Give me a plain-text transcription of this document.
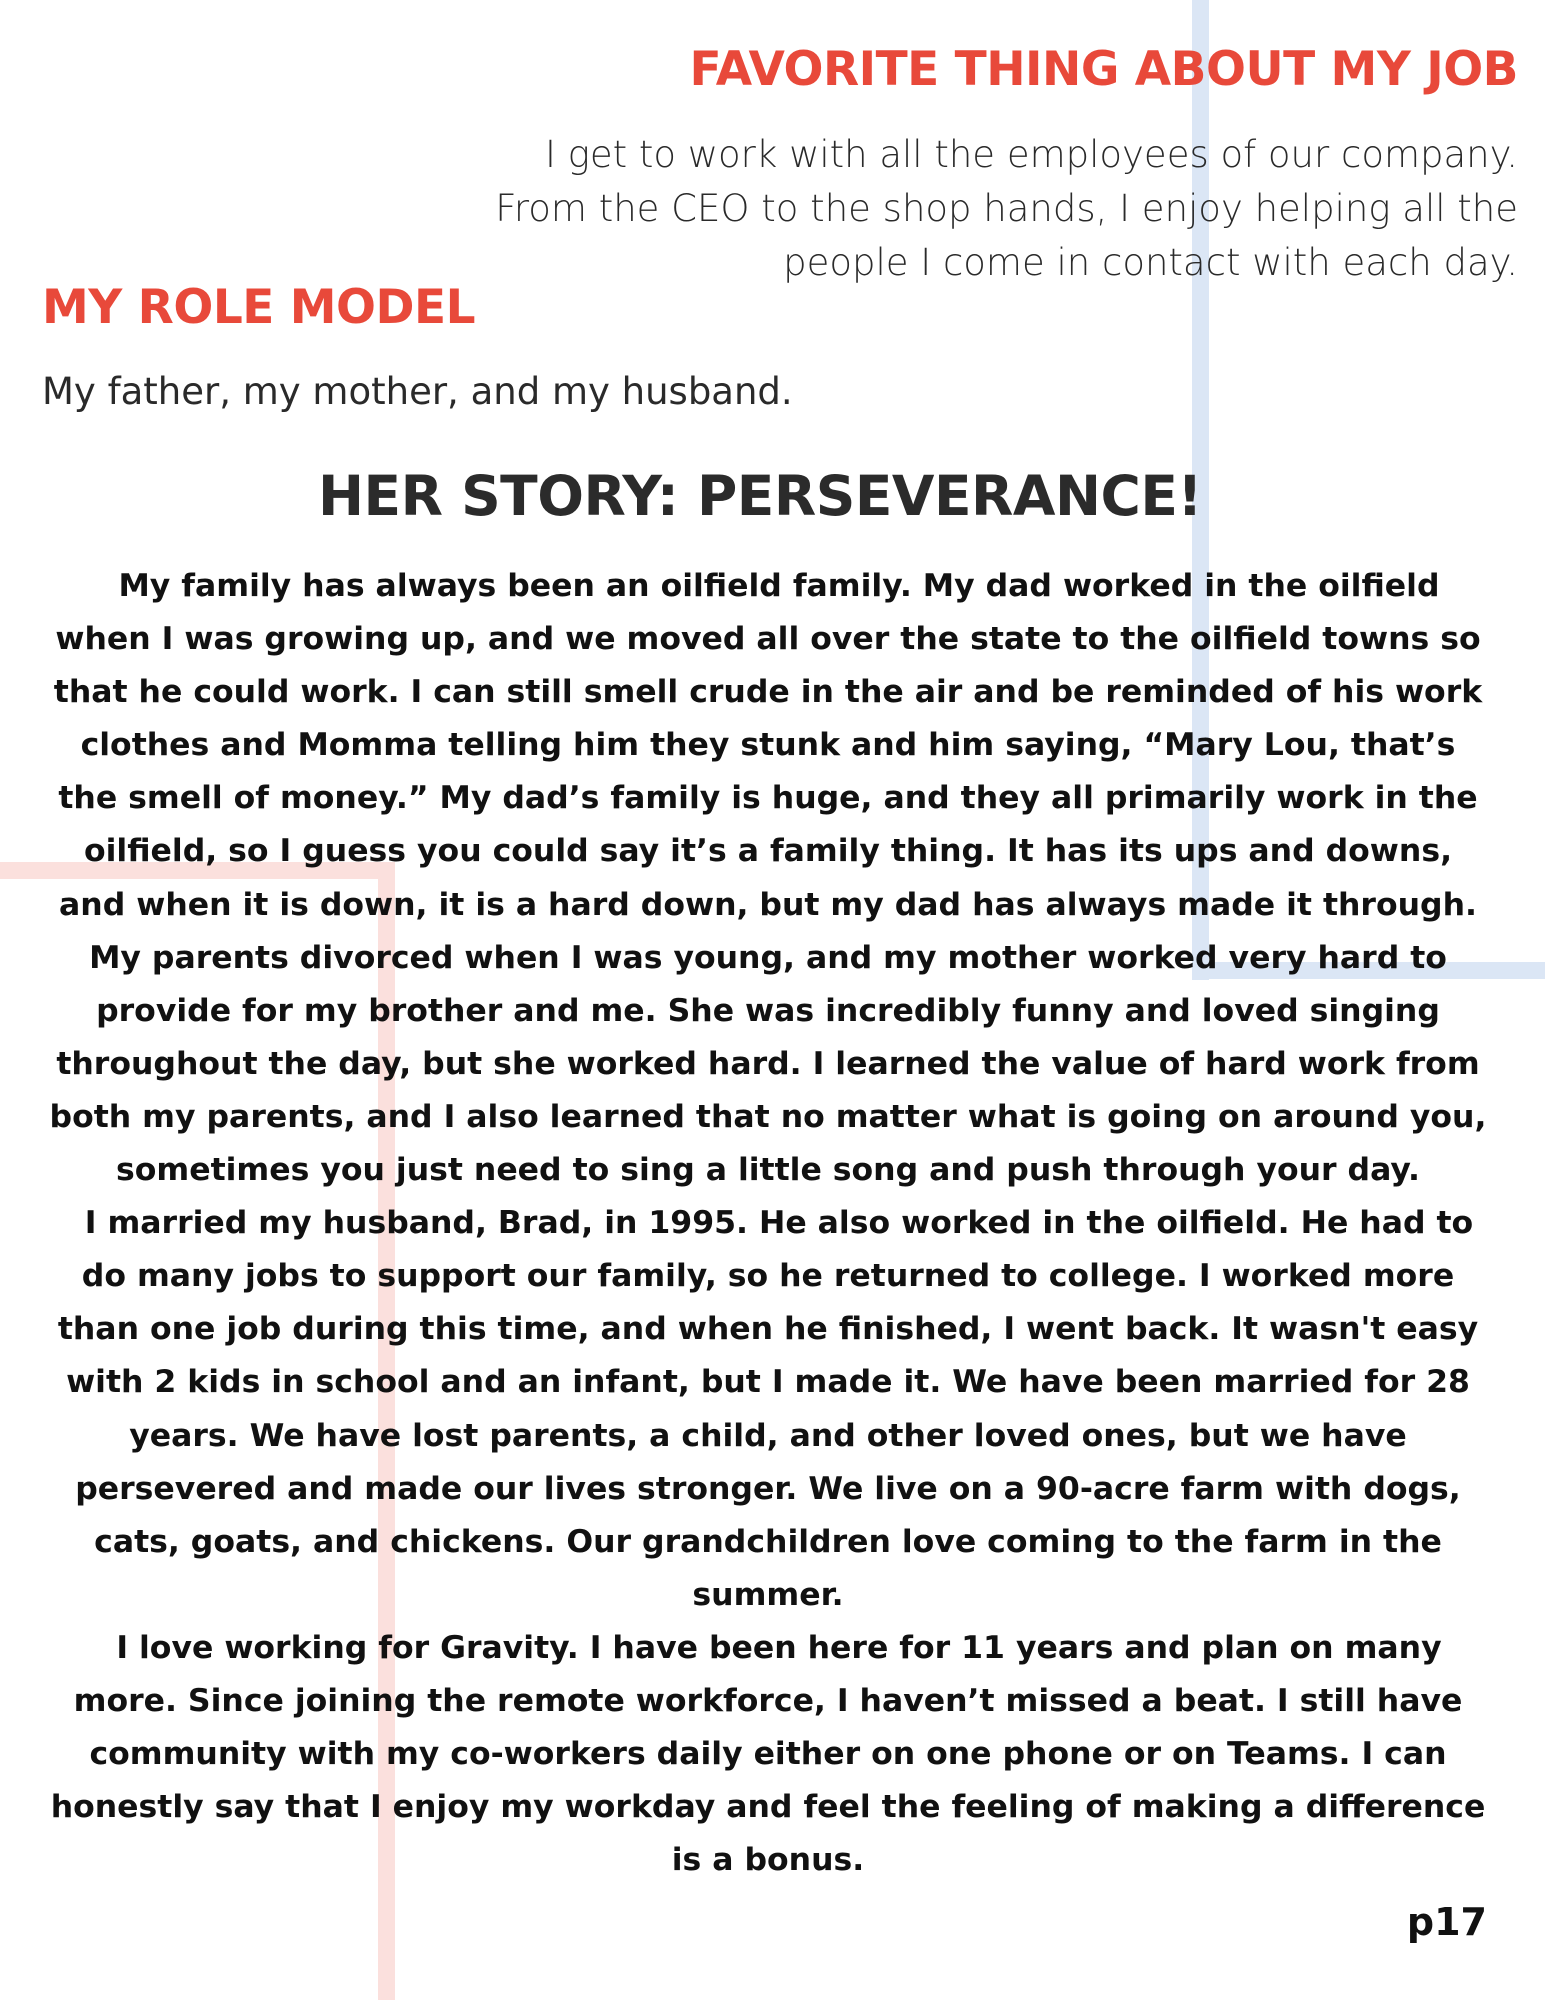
FAVORITE THING ABOUT MY JOB
I get to work with all the employees of our company.
From the CEO to the shop hands, I enjoy helping all the
people I come in contact with each day.
MY ROLE MODEL
My father, my mother, and my husband.
HER STORY: PERSEVERANCE!

My family has always been an oilfield family. My dad worked in the oilfield when I was growing up, and we moved all over the state to the oilfield towns so that he could work. I can still smell crude in the air and be reminded of his work clothes and Momma telling him they stunk and him saying, “Mary Lou, that’s the smell of money.” My dad’s family is huge, and they all primarily work in the oilfield, so I guess you could say it’s a family thing. It has its ups and downs, and when it is down, it is a hard down, but my dad has always made it through. My parents divorced when I was young, and my mother worked very hard to provide for my brother and me. She was incredibly funny and loved singing throughout the day, but she worked hard. I learned the value of hard work from both my parents, and I also learned that no matter what is going on around you, sometimes you just need to sing a little song and push through your day.

I married my husband, Brad, in 1995. He also worked in the oilfield. He had to do many jobs to support our family, so he returned to college. I worked more than one job during this time, and when he finished, I went back. It wasn't easy with 2 kids in school and an infant, but I made it. We have been married for 28 years. We have lost parents, a child, and other loved ones, but we have persevered and made our lives stronger. We live on a 90-acre farm with dogs, cats, goats, and chickens. Our grandchildren love coming to the farm in the summer.

I love working for Gravity. I have been here for 11 years and plan on many more. Since joining the remote workforce, I haven’t missed a beat. I still have community with my co-workers daily either on one phone or on Teams. I can honestly say that I enjoy my workday and feel the feeling of making a difference is a bonus.

p17
